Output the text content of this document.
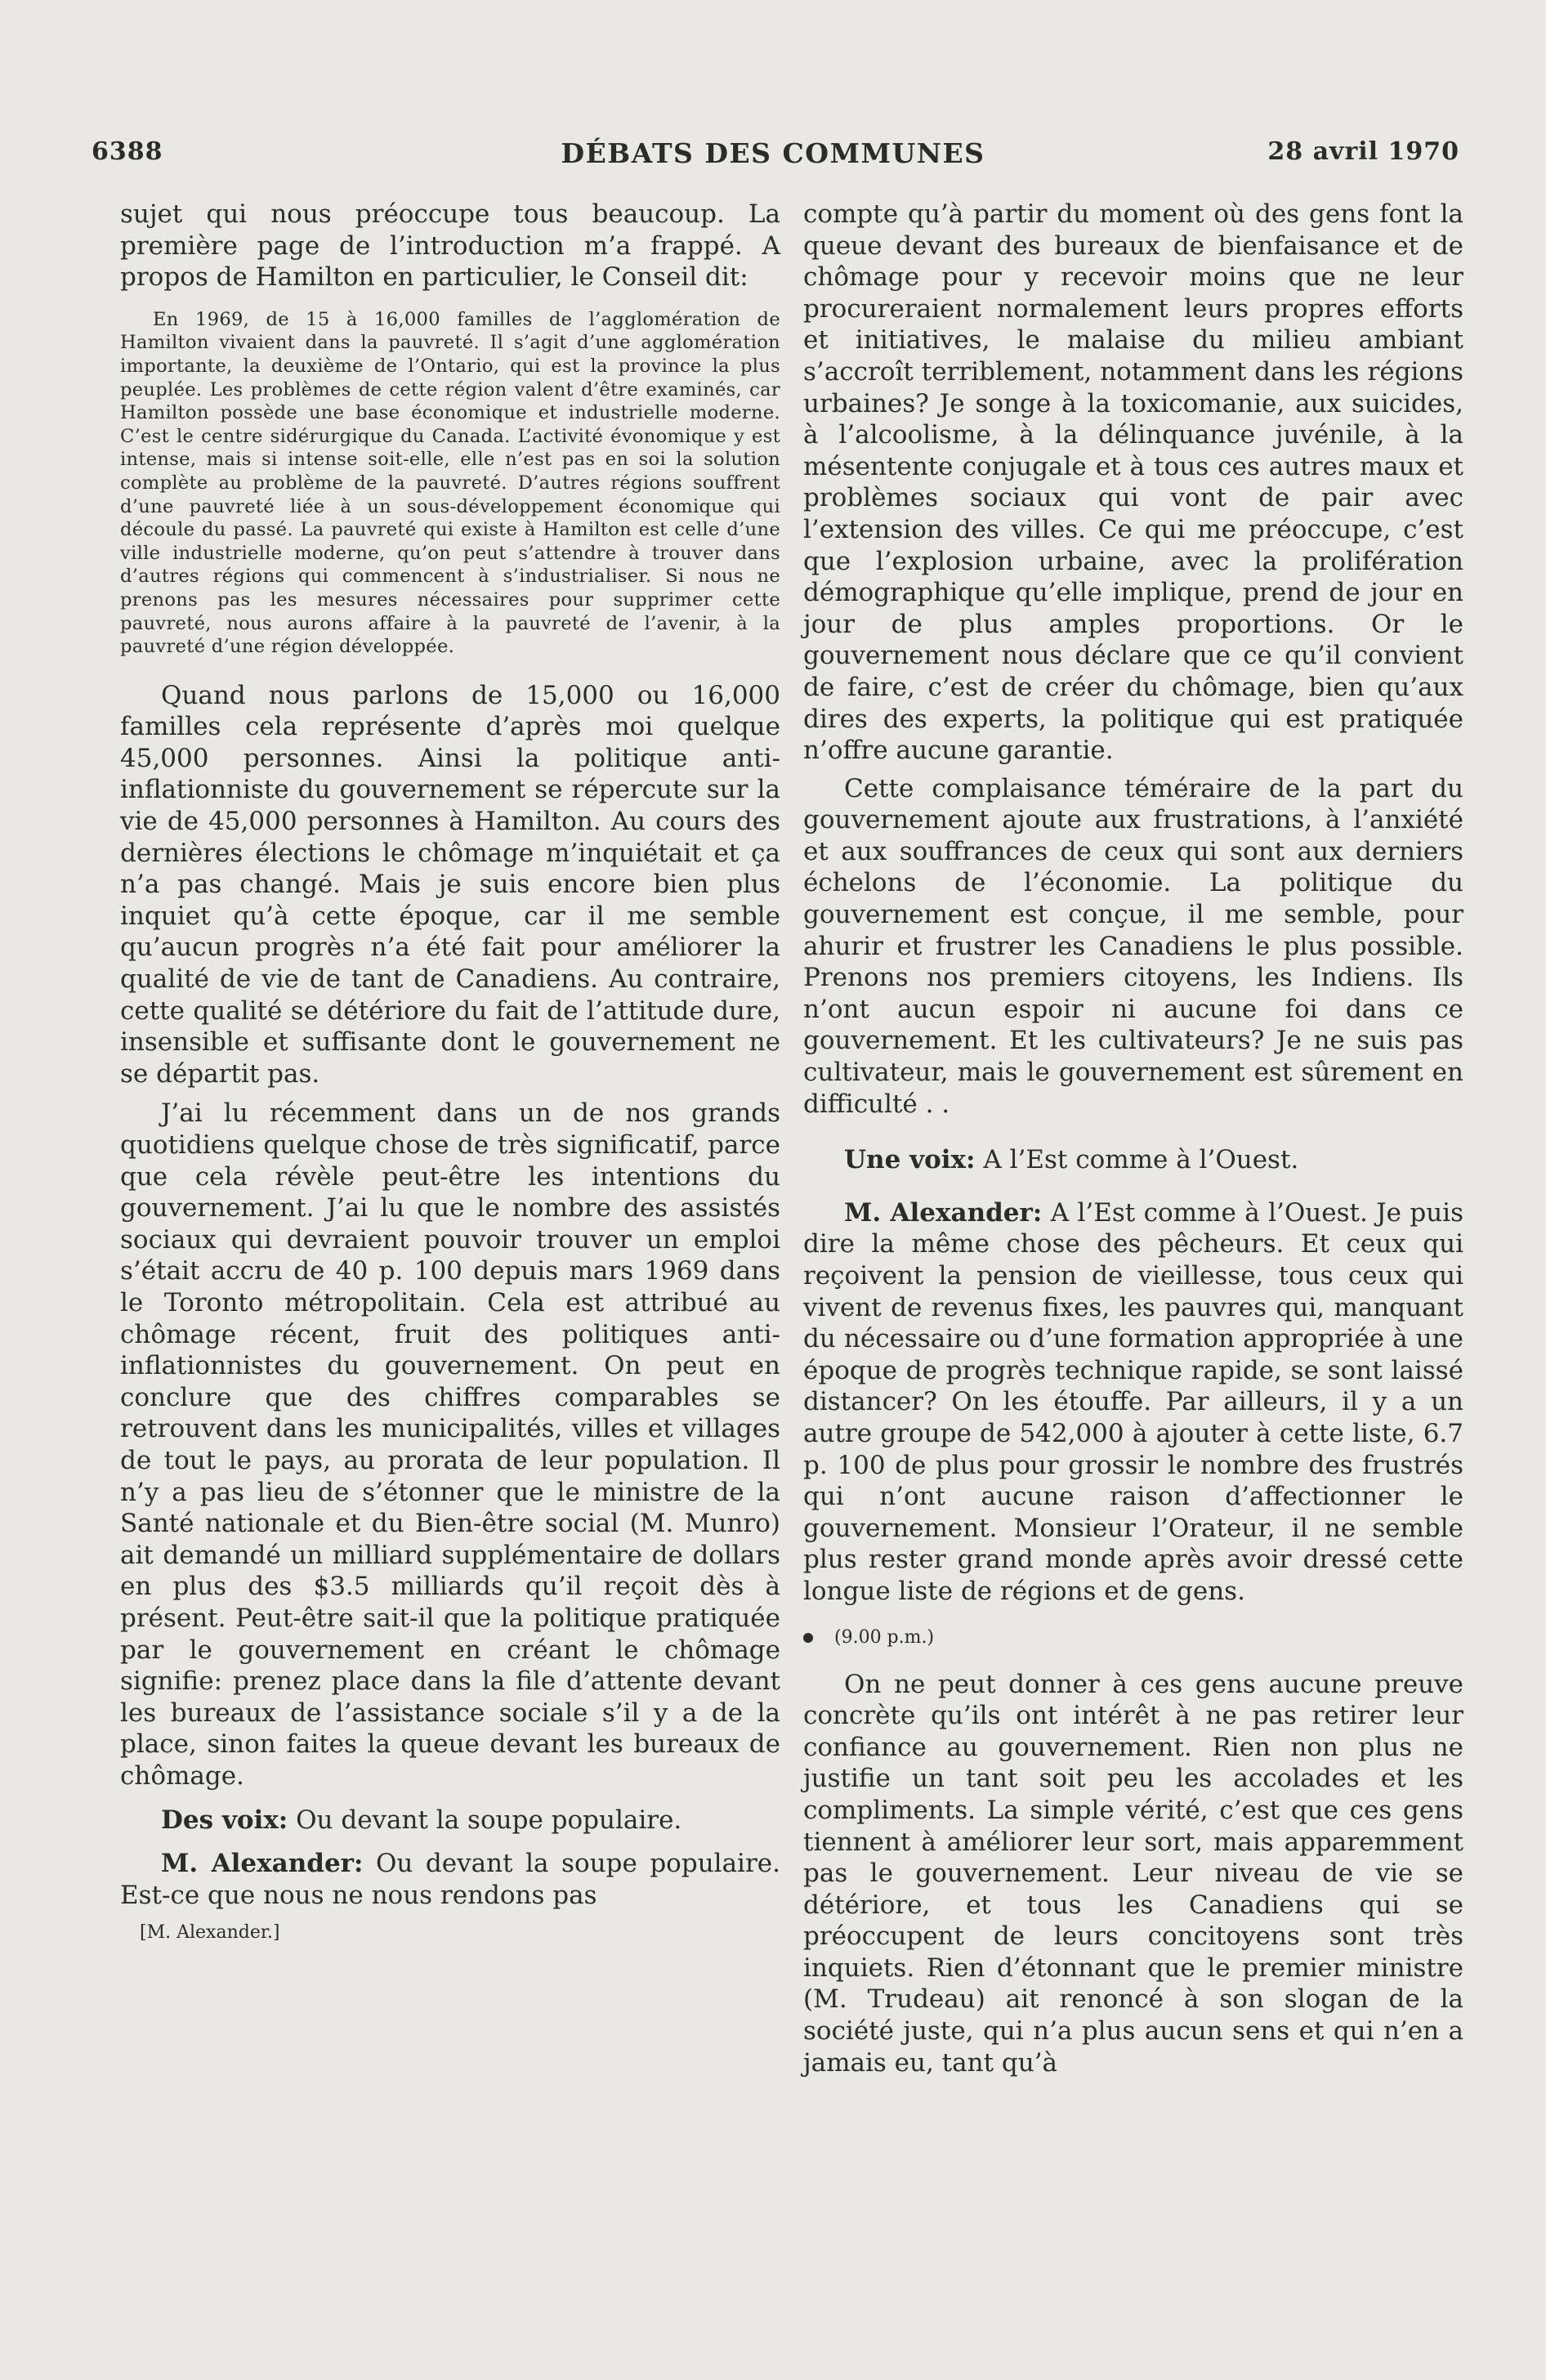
6388	DÉBATS DES COMMUNES	28 avril 1970

sujet qui nous préoccupe tous beaucoup. La première page de l’introduction m’a frappé. A propos de Hamilton en particulier, le Conseil dit:

En 1969, de 15 à 16,000 familles de l’agglomération de Hamilton vivaient dans la pauvreté. Il s’agit d’une agglomération importante, la deuxième de l’Ontario, qui est la province la plus peuplée. Les problèmes de cette région valent d’être examinés, car Hamilton possède une base économique et industrielle moderne. C’est le centre sidérurgique du Canada. L’activité évonomique y est intense, mais si intense soit-elle, elle n’est pas en soi la solution complète au problème de la pauvreté. D’autres régions souffrent d’une pauvreté liée à un sous-développement économique qui découle du passé. La pauvreté qui existe à Hamilton est celle d’une ville industrielle moderne, qu’on peut s’attendre à trouver dans d’autres régions qui commencent à s’industrialiser. Si nous ne prenons pas les mesures nécessaires pour supprimer cette pauvreté, nous aurons affaire à la pauvreté de l’avenir, à la pauvreté d’une région développée.

Quand nous parlons de 15,000 ou 16,000 familles cela représente d’après moi quelque 45,000 personnes. Ainsi la politique anti-inflationniste du gouvernement se répercute sur la vie de 45,000 personnes à Hamilton. Au cours des dernières élections le chômage m’inquiétait et ça n’a pas changé. Mais je suis encore bien plus inquiet qu’à cette époque, car il me semble qu’aucun progrès n’a été fait pour améliorer la qualité de vie de tant de Canadiens. Au contraire, cette qualité se détériore du fait de l’attitude dure, insensible et suffisante dont le gouvernement ne se départit pas.

J’ai lu récemment dans un de nos grands quotidiens quelque chose de très significatif, parce que cela révèle peut-être les intentions du gouvernement. J’ai lu que le nombre des assistés sociaux qui devraient pouvoir trouver un emploi s’était accru de 40 p. 100 depuis mars 1969 dans le Toronto métropolitain. Cela est attribué au chômage récent, fruit des politiques anti-inflationnistes du gouvernement. On peut en conclure que des chiffres comparables se retrouvent dans les municipalités, villes et villages de tout le pays, au prorata de leur population. Il n’y a pas lieu de s’étonner que le ministre de la Santé nationale et du Bien-être social (M. Munro) ait demandé un milliard supplémentaire de dollars en plus des $3.5 milliards qu’il reçoit dès à présent. Peut-être sait-il que la politique pratiquée par le gouvernement en créant le chômage signifie: prenez place dans la file d’attente devant les bureaux de l’assistance sociale s’il y a de la place, sinon faites la queue devant les bureaux de chômage.

Des voix: Ou devant la soupe populaire.

M. Alexander: Ou devant la soupe populaire. Est-ce que nous ne nous rendons pas

[M. Alexander.]

compte qu’à partir du moment où des gens font la queue devant des bureaux de bienfaisance et de chômage pour y recevoir moins que ne leur procureraient normalement leurs propres efforts et initiatives, le malaise du milieu ambiant s’accroît terriblement, notamment dans les régions urbaines? Je songe à la toxicomanie, aux suicides, à l’alcoolisme, à la délinquance juvénile, à la mésentente conjugale et à tous ces autres maux et problèmes sociaux qui vont de pair avec l’extension des villes. Ce qui me préoccupe, c’est que l’explosion urbaine, avec la prolifération démographique qu’elle implique, prend de jour en jour de plus amples proportions. Or le gouvernement nous déclare que ce qu’il convient de faire, c’est de créer du chômage, bien qu’aux dires des experts, la politique qui est pratiquée n’offre aucune garantie.

Cette complaisance téméraire de la part du gouvernement ajoute aux frustrations, à l’anxiété et aux souffrances de ceux qui sont aux derniers échelons de l’économie. La politique du gouvernement est conçue, il me semble, pour ahurir et frustrer les Canadiens le plus possible. Prenons nos premiers citoyens, les Indiens. Ils n’ont aucun espoir ni aucune foi dans ce gouvernement. Et les cultivateurs? Je ne suis pas cultivateur, mais le gouvernement est sûrement en difficulté . .

Une voix: A l’Est comme à l’Ouest.

M. Alexander: A l’Est comme à l’Ouest. Je puis dire la même chose des pêcheurs. Et ceux qui reçoivent la pension de vieillesse, tous ceux qui vivent de revenus fixes, les pauvres qui, manquant du nécessaire ou d’une formation appropriée à une époque de progrès technique rapide, se sont laissé distancer? On les étouffe. Par ailleurs, il y a un autre groupe de 542,000 à ajouter à cette liste, 6.7 p. 100 de plus pour grossir le nombre des frustrés qui n’ont aucune raison d’affectionner le gouvernement. Monsieur l’Orateur, il ne semble plus rester grand monde après avoir dressé cette longue liste de régions et de gens.

(9.00 p.m.)

On ne peut donner à ces gens aucune preuve concrète qu’ils ont intérêt à ne pas retirer leur confiance au gouvernement. Rien non plus ne justifie un tant soit peu les accolades et les compliments. La simple vérité, c’est que ces gens tiennent à améliorer leur sort, mais apparemment pas le gouvernement. Leur niveau de vie se détériore, et tous les Canadiens qui se préoccupent de leurs concitoyens sont très inquiets. Rien d’étonnant que le premier ministre (M. Trudeau) ait renoncé à son slogan de la société juste, qui n’a plus aucun sens et qui n’en a jamais eu, tant qu’à
